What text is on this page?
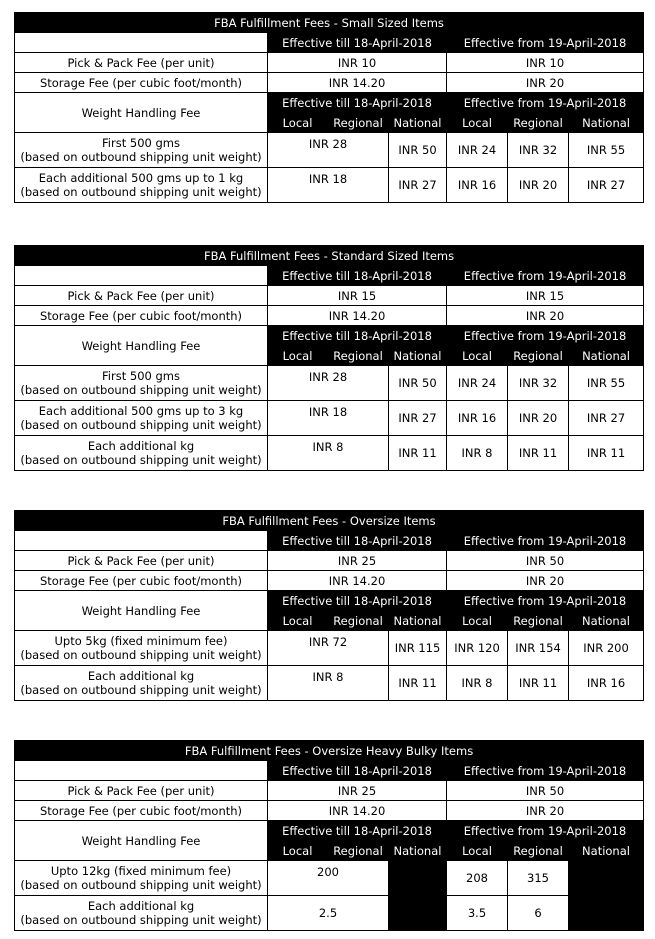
FBA Fulfillment Fees - Small Sized Items						
	Effective till 18-April-2018			Effective from 19-April-2018		
Pick & Pack Fee (per unit)	INR 10			INR 10		
Storage Fee (per cubic foot/month)	INR 14.20			INR 20		
Weight Handling Fee	Effective till 18-April-2018			Effective from 19-April-2018		
	Local	Regional	National	Local	Regional	National

First 500 gms
(based on outbound shipping unit weight)	INR 28		INR 50	INR 24	INR 32	INR 55

Each additional 500 gms up to 1 kg
(based on outbound shipping unit weight)	INR 18		INR 27	INR 16	INR 20	INR 27
FBA Fulfillment Fees - Standard Sized Items						
	Effective till 18-April-2018			Effective from 19-April-2018		
Pick & Pack Fee (per unit)	INR 15			INR 15		
Storage Fee (per cubic foot/month)	INR 14.20			INR 20		
Weight Handling Fee	Effective till 18-April-2018			Effective from 19-April-2018		
	Local	Regional	National	Local	Regional	National

First 500 gms
(based on outbound shipping unit weight)	INR 28		INR 50	INR 24	INR 32	INR 55

Each additional 500 gms up to 3 kg
(based on outbound shipping unit weight)	INR 18		INR 27	INR 16	INR 20	INR 27

Each additional kg
(based on outbound shipping unit weight)	INR 8		INR 11	INR 8	INR 11	INR 11
FBA Fulfillment Fees - Oversize Items						
	Effective till 18-April-2018			Effective from 19-April-2018		
Pick & Pack Fee (per unit)	INR 25			INR 50		
Storage Fee (per cubic foot/month)	INR 14.20			INR 20		
Weight Handling Fee	Effective till 18-April-2018			Effective from 19-April-2018		
	Local	Regional	National	Local	Regional	National

Upto 5kg (fixed minimum fee)
(based on outbound shipping unit weight)	INR 72		INR 115	INR 120	INR 154	INR 200

Each additional kg
(based on outbound shipping unit weight)	INR 8		INR 11	INR 8	INR 11	INR 16
FBA Fulfillment Fees - Oversize Heavy Bulky Items						
	Effective till 18-April-2018			Effective from 19-April-2018		
Pick & Pack Fee (per unit)	INR 25			INR 50		
Storage Fee (per cubic foot/month)	INR 14.20			INR 20		
Weight Handling Fee	Effective till 18-April-2018			Effective from 19-April-2018		
	Local	Regional	National	Local	Regional	National

Upto 12kg (fixed minimum fee)
(based on outbound shipping unit weight)	200			208	315	

Each additional kg
(based on outbound shipping unit weight)	2.5			3.5	6	
